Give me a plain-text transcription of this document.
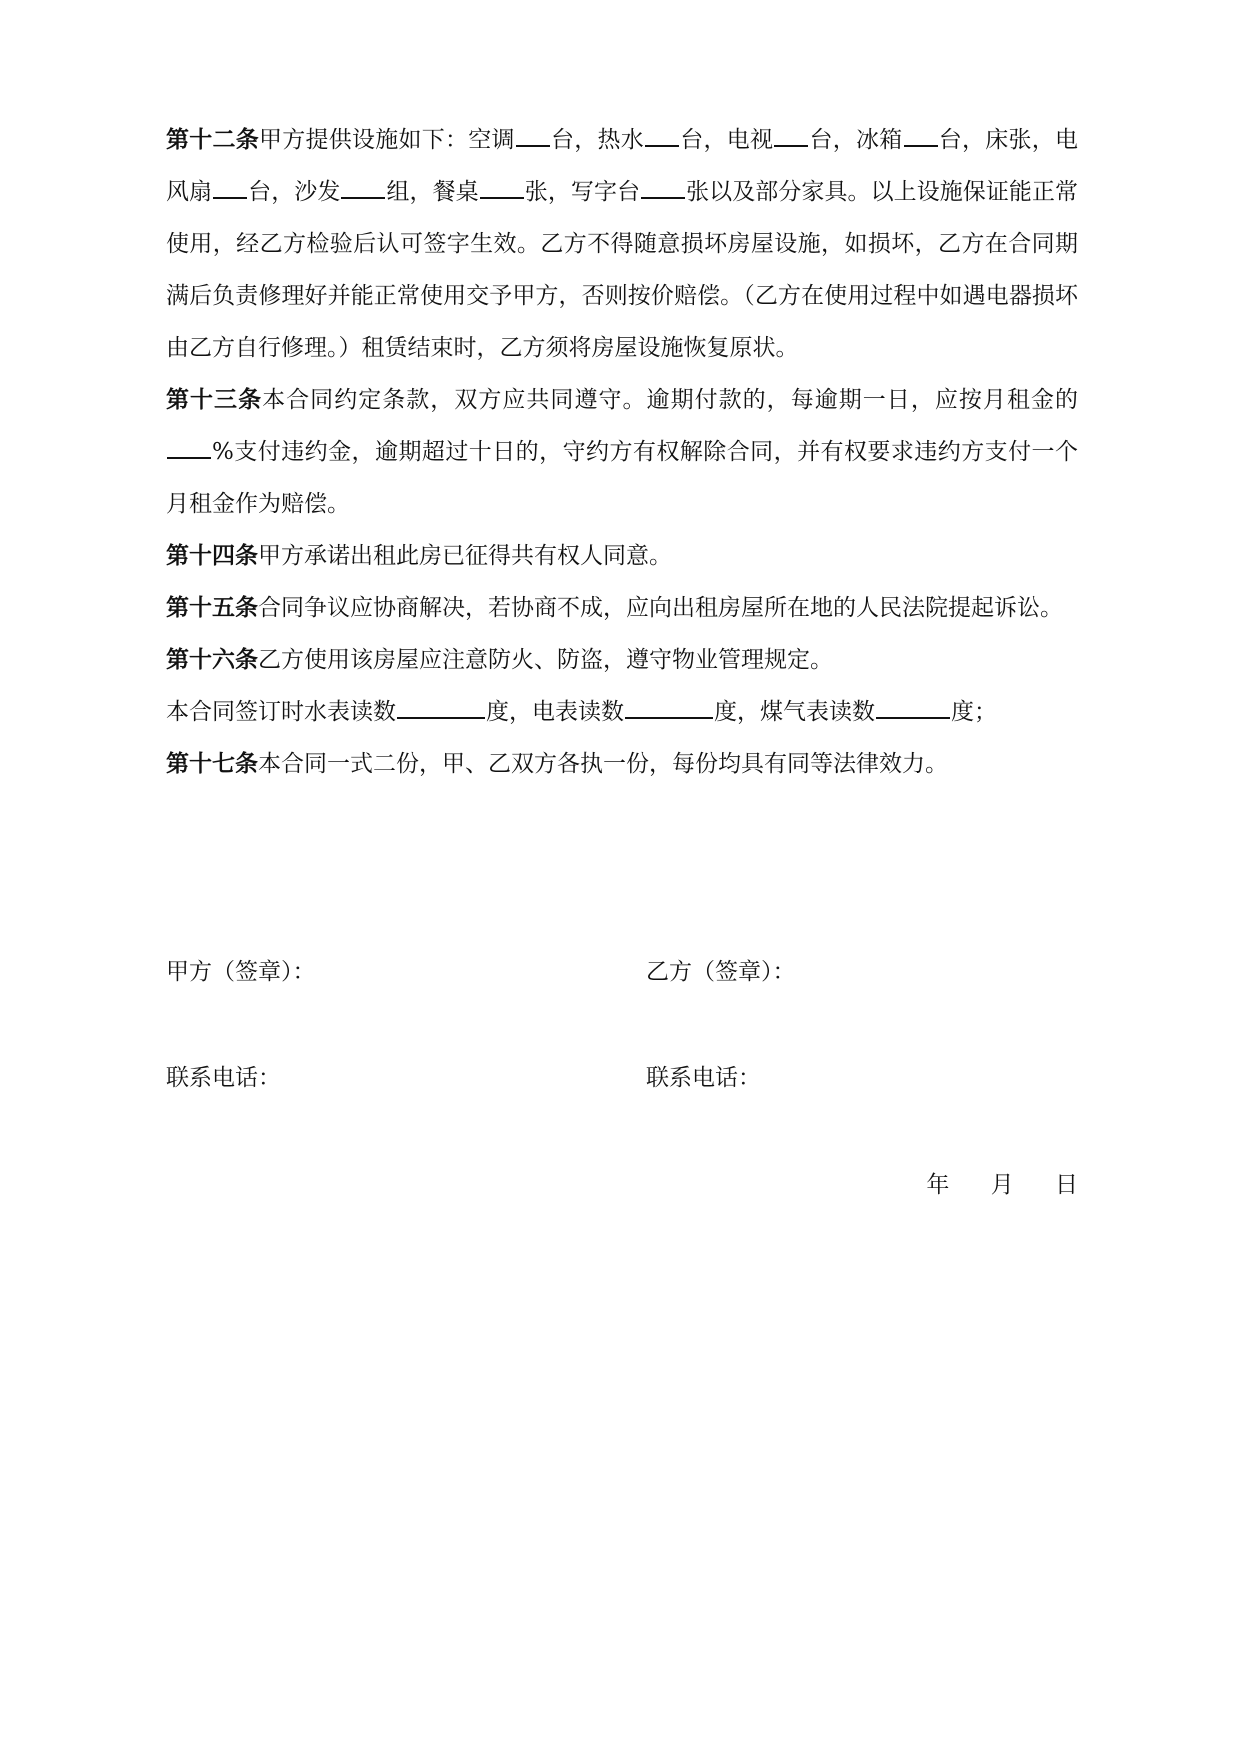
第十二条甲方提供设施如下：空调 台，热水 台，电视 台，冰箱 台，床张，电风扇 台，沙发 组，餐桌 张，写字台 张以及部分家具。以上设施保证能正常使用，经乙方检验后认可签字生效。乙方不得随意损坏房屋设施，如损坏，乙方在合同期满后负责修理好并能正常使用交予甲方，否则按价赔偿。（乙方在使用过程中如遇电器损坏由乙方自行修理。）租赁结束时，乙方须将房屋设施恢复原状。

第十三条本合同约定条款，双方应共同遵守。逾期付款的，每逾期一日，应按月租金的%支付违约金，逾期超过十日的，守约方有权解除合同，并有权要求违约方支付一个月租金作为赔偿。

第十四条甲方承诺出租此房已征得共有权人同意。

第十五条合同争议应协商解决，若协商不成，应向出租房屋所在地的人民法院提起诉讼。

第十六条乙方使用该房屋应注意防火、防盗，遵守物业管理规定。

本合同签订时水表读数	度，电表读数	度，煤气表读数	度；

第十七条本合同一式二份，甲、乙双方各执一份，每份均具有同等法律效力。

甲方（签章）：	乙方（签章）：
联系电话：	联系电话：
年 月 日
